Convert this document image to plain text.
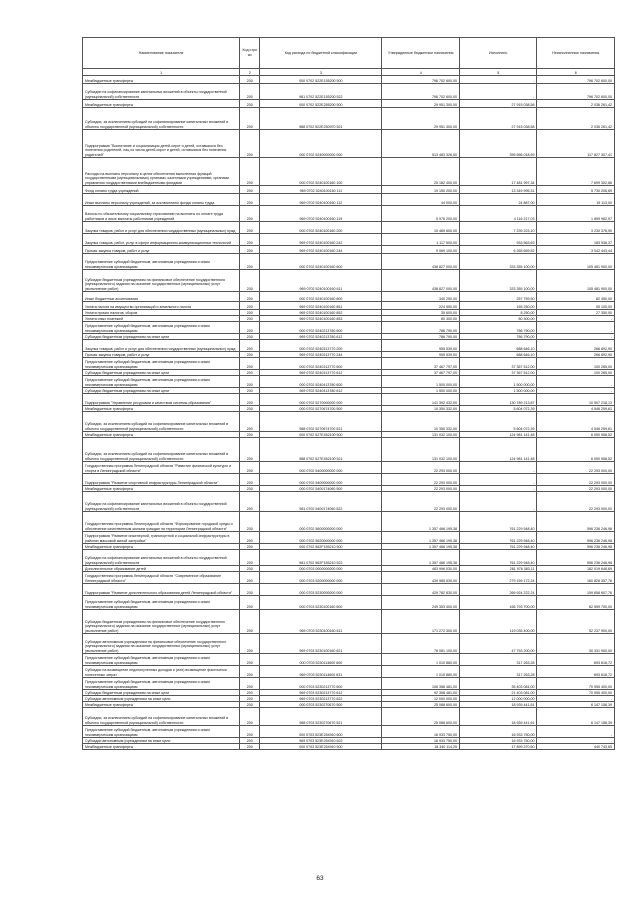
Наименование показателя	Код стро ки	Код расхода по бюджетной классификации	Утвержденные бюджетные назначения	Исполнено	Неисполненные назначения
1	2	3	4	5	6
Межбюджетные трансферты	200	000 0702 522Е155200 500	796 702 600,00	-	796 702 600,00
Субсидии на софинансирование капитальных вложений в объекты государственной (муниципальной) собственности	200	981 0702 522Е155200 522	796 702 600,00	-	796 702 600,00
Межбюджетные трансферты	200	000 0702 522Е255200 500	29 951 300,00	27 915 038,58	2 036 261,42
Субсидии, за исключением субсидий на софинансирование капитальных вложений в объекты государственной (муниципальной) собственности	200	988 0702 522Е250970 521	29 951 300,00	27 915 038,58	2 036 261,42
Подпрограмма "Воспитание и социализация детей-сирот и детей, оставшихся без попечения родителей, лиц из числа детей-сирот и детей, оставшихся без попечения родителей"	200	000 0702 5240000000 000	513 483 326,00	395 656 018,59	117 827 307,41
Расходы на выплаты персоналу в целях обеспечения выполнения функций государственными (муниципальными) органами, казенными учреждениями, органами управления государственными внебюджетными фондами	200	000 0702 5240100160 100	25 182 400,00	17 481 997,34	7 699 302,66
Фонд оплаты труда учреждений	200	969 0702 5240100160 111	19 150 200,00	13 349 995,31	5 730 206,69
Иные выплаты персоналу учреждений, за исключением фонда оплаты труда	200	969 0702 5240100160 112	44 000,00	24 887,00	19 113,00
Взносы по обязательному социальному страхованию на выплаты по оплате труда работников и иные выплаты работникам учреждений	200	969 0702 5240100160 119	5 976 200,00	4 116 217,03	1 859 982,97
Закупка товаров, работ и услуг для обеспечения государственных (муниципальных) нужд	200	000 0702 5240100160 200	10 469 600,00	7 239 223,10	3 230 376,90
Закупка товаров, работ, услуг в сфере информационно-коммуникационных технологий	200	969 0702 5240100160 242	1 117 500,00	933 563,63	183 936,37
Прочая закупка товаров, работ и услуг	200	969 0702 5240100160 244	9 069 100,00	6 265 659,52	3 042 443,44
Предоставление субсидий бюджетным, автономным учреждениям и иным некоммерческим организациям	200	000 0702 5240100160 600	438 827 000,00	333 355 100,00	105 481 900,00
Субсидии бюджетным учреждениям на финансовое обеспечение государственного (муниципального) задания на оказание государственных (муниципальных) услуг (выполнение работ)	200	969 0702 5240100160 611	438 827 000,00	333 355 100,00	105 481 900,00
Иные бюджетные ассигнования	200	000 0702 5240100160 800	340 250,00	257 759,50	82 450,00
Уплата налога на имущество организаций и земельного налога	200	969 0702 5240100160 851	224 550,00	165 250,00	55 100,00
Уплата прочих налогов, сборов	200	969 0702 5240100160 852	35 600,00	8 250,00	27 350,00
Уплата иных платежей	200	969 0702 5240100160 853	80 300,00	80 300,00	-
Предоставление субсидий бюджетным, автономным учреждениям и иным некоммерческим организациям	200	000 0702 5240213780 600	786 790,00	786 790,00	-
Субсидии бюджетным учреждениям на иные цели	200	969 0702 5240213780 612	786 790,00	786 790,00	-
Закупка товаров, работ и услуг для обеспечения государственных (муниципальных) нужд	200	000 0702 5240313770 200	955 539,00	688 646,10	266 892,90
Прочая закупка товаров, работ и услуг	200	969 0702 5240313770 244	955 539,00	688 646,10	266 892,90
Предоставление субсидий бюджетным, автономным учреждениям и иным некоммерческим организациям	200	000 0702 5240313770 600	37 467 797,00	37 367 512,00	100 285,00
Субсидии бюджетным учреждениям на иные цели	200	969 0702 5240313770 612	37 467 797,00	37 367 512,00	100 285,00
Предоставление субсидий бюджетным, автономным учреждениям и иным некоммерческим организациям	200	000 0702 5240413780 600	1 500 000,00	1 500 000,00	-
Субсидии бюджетным учреждениям на иные цели	200	969 0702 5240413780 612	1 500 000,00	1 500 000,00	-
Подпрограмма "Управление ресурсами и качеством системы образования"	200	000 0702 5270000000 000	141 392 432,00	130 789 213,87	10 507 218,13
Межбюджетные трансферты	200	000 0702 5270674700 500	10 350 332,00	5 604 072,39	4 546 259,61
Субсидии, за исключением субсидий на софинансирование капитальных вложений в объекты государственной (муниципальной) собственности	200	988 0702 5270674700 521	10 350 332,00	5 604 072,39	4 546 259,61
Межбюджетные трансферты	200	000 0702 527Е452100 500	131 032 100,00	124 981 141,48	6 050 958,52
Субсидии, за исключением субсидий на софинансирование капитальных вложений в объекты государственной (муниципальной) собственности	200	988 0702 527Е452100 521	131 032 100,00	124 981 141,48	6 050 958,52
Государственная программа Ленинградской области "Развитие физической культуры и спорта в Ленинградской области"	200	000 0702 5400000000 000	22 293 000,00	-	22 293 000,00
Подпрограмма "Развитие спортивной инфраструктуры Ленинградской области"	200	000 0702 5400000000 000	22 293 000,00	-	22 293 000,00
Межбюджетные трансферты	200	000 0702 5400174060 500	22 293 000,00	-	22 293 000,00
Субсидии на софинансирование капитальных вложений в объекты государственной (муниципальной) собственности	200	981 0702 5400174060 522	22 293 000,00	-	22 293 000,00
Государственная программа Ленинградской области "Формирование городской среды и обеспечение качественным жильем граждан на территории Ленинградской области"	200	000 0702 5600000000 000	1 357 466 195,38	761 229 948,40	596 236 246,98
Подпрограмма "Развитие инженерной, транспортной и социальной инфраструктуры в районах массовой жилой застройки"	200	000 0702 5620000000 000	1 357 466 195,38	761 229 948,40	596 236 246,98
Межбюджетные трансферты	200	000 0702 562F155210 500	1 357 466 195,38	761 229 948,40	596 236 246,98
Субсидии на софинансирование капитальных вложений в объекты государственной (муниципальной) собственности	200	981 0702 562F155210 522	1 357 466 195,38	761 229 948,40	596 236 246,98
Дополнительное образование детей	200	000 0703 0000000000 000	463 996 030,00	281 976 383,11	182 019 646,89
Государственная программа Ленинградской области "Современное образование Ленинградской области"	200	000 0703 5200000000 000	439 985 530,00	279 159 172,24	160 826 357,76
Подпрограмма "Развитие дополнительного образования детей Ленинградской области"	200	000 0703 5230000000 000	429 782 830,00	269 924 222,24	159 858 607,76
Предоставление субсидий бюджетным, автономным учреждениям и иным некоммерческим организациям	200	000 0703 5230100160 600	249 353 400,00	166 793 700,00	82 559 700,00
Субсидии бюджетным учреждениям на финансовое обеспечение государственного (муниципального) задания на оказание государственных (муниципальных) услуг (выполнение работ)	200	969 0703 5230100160 611	171 272 300,00	119 035 400,00	52 237 900,00
Субсидии автономным учреждениям на финансовое обеспечение государственного (муниципального) задания на оказание государственных (муниципальных) услуг (выполнение работ)	200	969 0703 5230100160 621	78 081 100,00	47 753 200,00	30 331 900,00
Предоставление субсидий бюджетным, автономным учреждениям и иным некоммерческим организациям	200	000 0703 5230114600 600	1 010 880,00	317 263,28	693 616,72
Субсидии на возмещение недополученных доходов и (или) возмещение фактически понесенных затрат	200	969 0703 5230114600 631	1 010 880,00	317 263,28	693 616,72
Предоставление субсидий бюджетным, автономным учреждениям и иным некоммерческим организациям	200	000 0703 5230213770 600	106 358 481,00	35 403 081,00	70 955 400,00
Субсидии бюджетным учреждениям на иные цели	200	969 0703 5230213770 612	92 358 481,00	21 403 081,00	70 955 400,00
Субсидии автономным учреждениям на иные цели	200	969 0703 5230213770 622	12 000 000,00	12 000 000,00	-
Межбюджетные трансферты	200	000 0703 5230270670 500	25 088 600,00	18 939 441,61	6 147 158,39
Субсидии, за исключением субсидий на софинансирование капитальных вложений в объекты государственной (муниципальной) собственности	200	988 0703 5230270670 521	25 088 600,00	18 939 441,61	6 147 158,39
Предоставление субсидий бюджетным, автономным учреждениям и иным некоммерческим организациям	200	000 0703 523Е254910 600	16 933 750,00	16 933 750,00	-
Субсидии автономным учреждениям на иные цели	200	969 0703 523Е254910 622	16 933 750,00	16 933 750,00	-
Межбюджетные трансферты	200	000 0703 523Е254910 500	18 340 114,25	17 899 370,60	440 743,65
63
